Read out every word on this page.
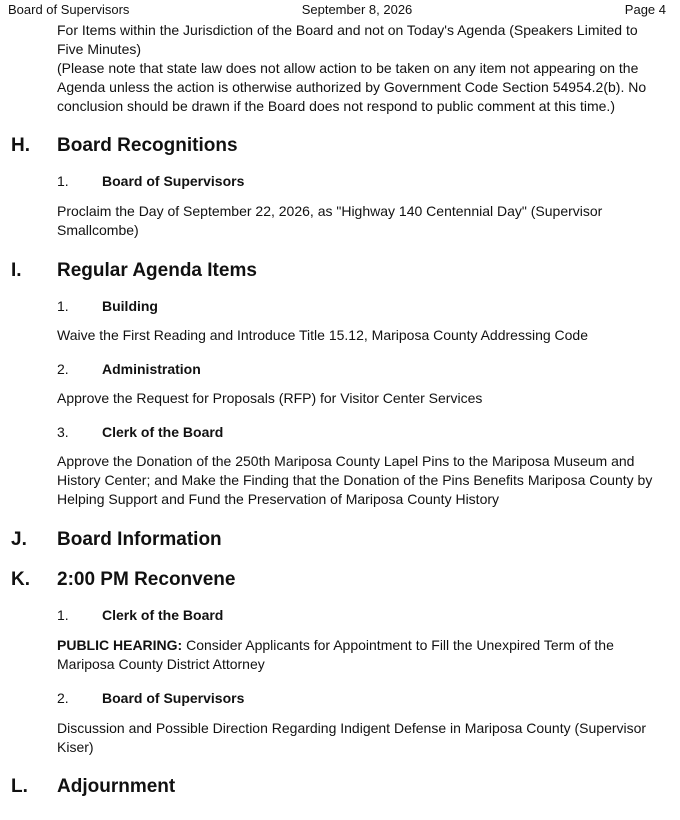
Board of Supervisors	September 8, 2026	Page 4
For Items within the Jurisdiction of the Board and not on Today's Agenda (Speakers Limited to Five Minutes)
(Please note that state law does not allow action to be taken on any item not appearing on the Agenda unless the action is otherwise authorized by Government Code Section 54954.2(b). No conclusion should be drawn if the Board does not respond to public comment at this time.)
H. Board Recognitions
1. Board of Supervisors
Proclaim the Day of September 22, 2026, as "Highway 140 Centennial Day" (Supervisor Smallcombe)
I. Regular Agenda Items
1. Building
Waive the First Reading and Introduce Title 15.12, Mariposa County Addressing Code
2. Administration
Approve the Request for Proposals (RFP) for Visitor Center Services
3. Clerk of the Board
Approve the Donation of the 250th Mariposa County Lapel Pins to the Mariposa Museum and History Center; and Make the Finding that the Donation of the Pins Benefits Mariposa County by Helping Support and Fund the Preservation of Mariposa County History
J. Board Information
K. 2:00 PM Reconvene
1. Clerk of the Board
PUBLIC HEARING: Consider Applicants for Appointment to Fill the Unexpired Term of the Mariposa County District Attorney
2. Board of Supervisors
Discussion and Possible Direction Regarding Indigent Defense in Mariposa County (Supervisor Kiser)
L. Adjournment
